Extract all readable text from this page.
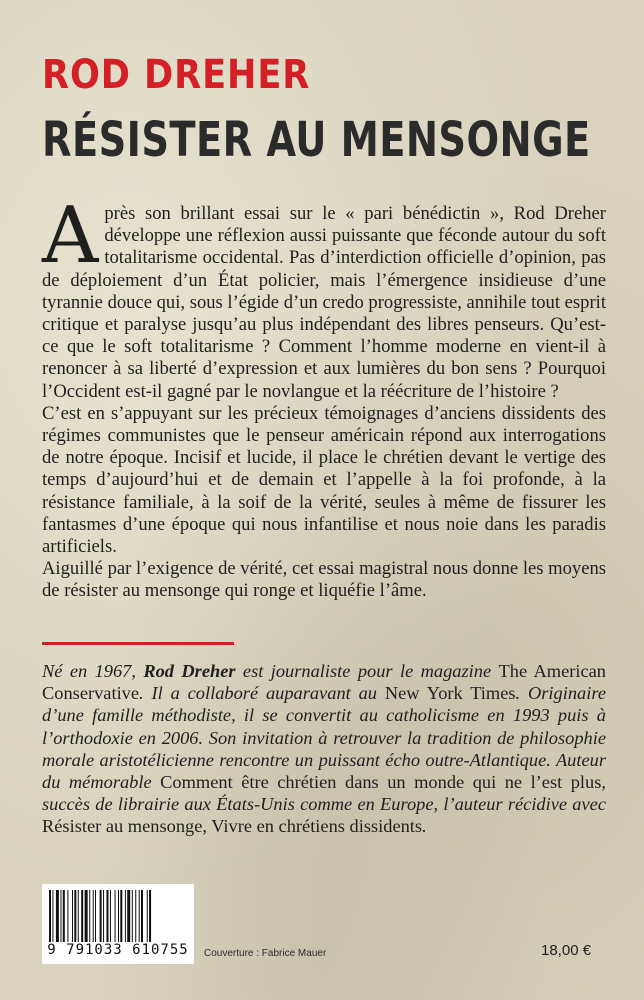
ROD DREHER
RÉSISTER AU MENSONGE

Après son brillant essai sur le « pari bénédictin », Rod Dreher développe une réflexion aussi puissante que féconde autour du soft totalitarisme occidental. Pas d’interdiction officielle d’opinion, pas de déploiement d’un État policier, mais l’émergence insidieuse d’une tyrannie douce qui, sous l’égide d’un credo progressiste, annihile tout esprit critique et paralyse jusqu’au plus indépendant des libres penseurs. Qu’est-ce que le soft totalitarisme ? Comment l’homme moderne en vient-il à renoncer à sa liberté d’expression et aux lumières du bon sens ? Pourquoi l’Occident est-il gagné par le novlangue et la réécriture de l’histoire ?

C’est en s’appuyant sur les précieux témoignages d’anciens dissidents des régimes communistes que le penseur américain répond aux interrogations de notre époque. Incisif et lucide, il place le chrétien devant le vertige des temps d’aujourd’hui et de demain et l’appelle à la foi profonde, à la résistance familiale, à la soif de la vérité, seules à même de fissurer les fantasmes d’une époque qui nous infantilise et nous noie dans les paradis artificiels.

Aiguillé par l’exigence de vérité, cet essai magistral nous donne les moyens de résister au mensonge qui ronge et liquéfie l’âme.

Né en 1967, Rod Dreher est journaliste pour le magazine The American Conservative. Il a collaboré auparavant au New York Times. Originaire d’une famille méthodiste, il se convertit au catholicisme en 1993 puis à l’orthodoxie en 2006. Son invitation à retrouver la tradition de philosophie morale aristotélicienne rencontre un puissant écho outre-Atlantique. Auteur du mémorable Comment être chrétien dans un monde qui ne l’est plus, succès de librairie aux États-Unis comme en Europe, l’auteur récidive avec Résister au mensonge, Vivre en chrétiens dissidents.
9 791033 610755	Couverture : Fabrice Mauer	18,00 €
